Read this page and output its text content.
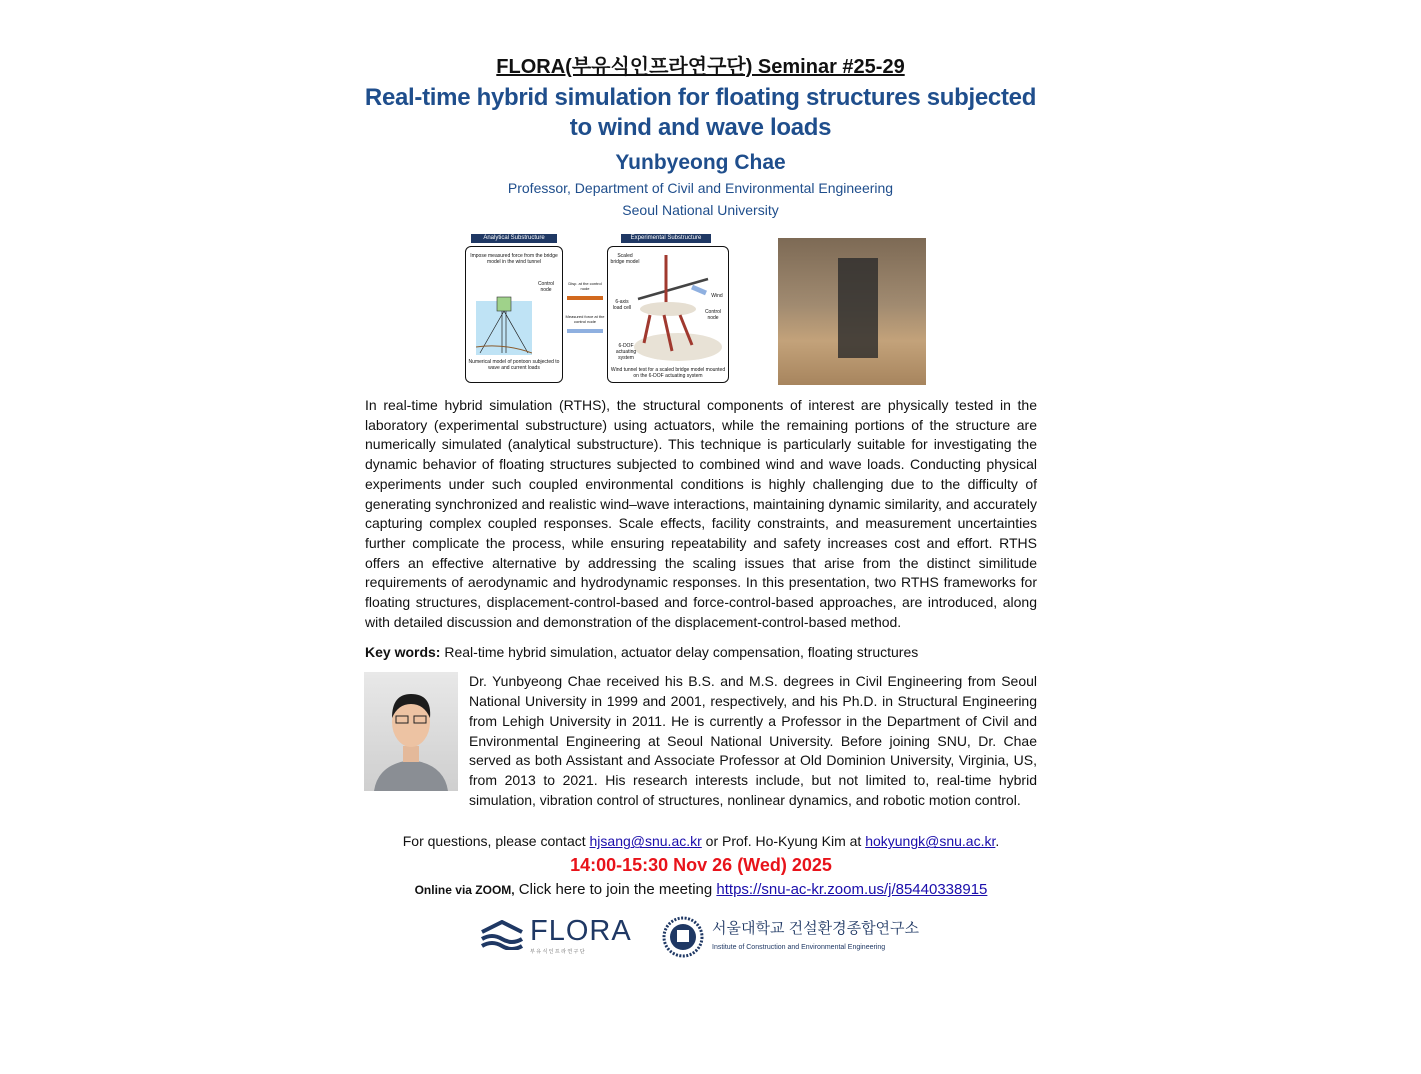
FLORA(부유식인프라연구단) Seminar #25-29
Real-time hybrid simulation for floating structures subjected
to wind and wave loads
Yunbyeong Chae
Professor, Department of Civil and Environmental Engineering
Seoul National University
Analytical Substructure
Impose measured force from the bridge model in the wind tunnel
Control node
Numerical model of pontoon subjected to wave and current loads
Disp. at the control node
Measured force at the control node
Experimental Substructure
Scaled bridge model
6-axis load cell
Wind
Control node
6-DOF actuating system
Wind tunnel test for a scaled bridge model mounted on the 6-DOF actuating system
In real-time hybrid simulation (RTHS), the structural components of interest are physically tested in the laboratory (experimental substructure) using actuators, while the remaining portions of the structure are numerically simulated (analytical substructure). This technique is particularly suitable for investigating the dynamic behavior of floating structures subjected to combined wind and wave loads. Conducting physical experiments under such coupled environmental conditions is highly challenging due to the difficulty of generating synchronized and realistic wind–wave interactions, maintaining dynamic similarity, and accurately capturing complex coupled responses. Scale effects, facility constraints, and measurement uncertainties further complicate the process, while ensuring repeatability and safety increases cost and effort. RTHS offers an effective alternative by addressing the scaling issues that arise from the distinct similitude requirements of aerodynamic and hydrodynamic responses. In this presentation, two RTHS frameworks for floating structures, displacement-control-based and force-control-based approaches, are introduced, along with detailed discussion and demonstration of the displacement-control-based method.
Key words: Real-time hybrid simulation, actuator delay compensation, floating structures
Dr. Yunbyeong Chae received his B.S. and M.S. degrees in Civil Engineering from Seoul National University in 1999 and 2001, respectively, and his Ph.D. in Structural Engineering from Lehigh University in 2011. He is currently a Professor in the Department of Civil and Environmental Engineering at Seoul National University. Before joining SNU, Dr. Chae served as both Assistant and Associate Professor at Old Dominion University, Virginia, US, from 2013 to 2021. His research interests include, but not limited to, real-time hybrid simulation, vibration control of structures, nonlinear dynamics, and robotic motion control.
For questions, please contact hjsang@snu.ac.kr or Prof. Ho-Kyung Kim at hokyungk@snu.ac.kr.
14:00-15:30 Nov 26 (Wed) 2025
Online via ZOOM, Click here to join the meeting https://snu-ac-kr.zoom.us/j/85440338915
FLORA
부 유 식 인 프 라 연 구 단
서울대학교 건설환경종합연구소
Institute of Construction and Environmental Engineering
